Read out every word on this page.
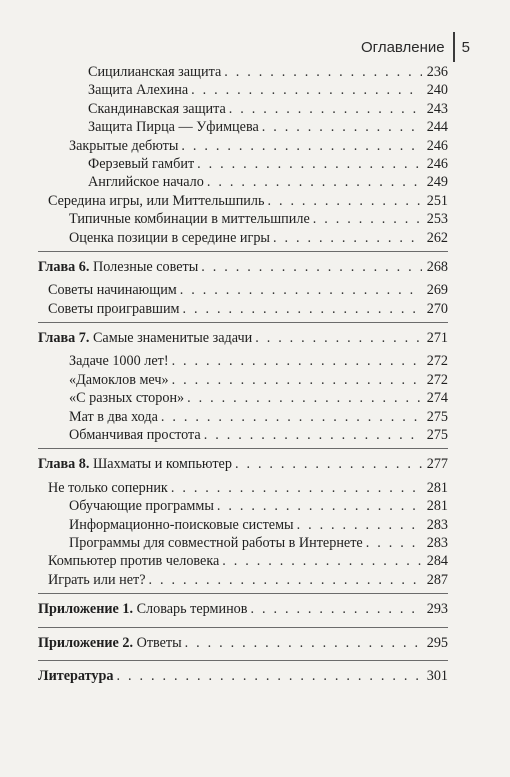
Оглавление 5
Сицилианская защита . . .	236
Защита Алехина . . .	240
Скандинавская защита . . .	243
Защита Пирца — Уфимцева . . .	244
Закрытые дебюты . . .	246
Ферзевый гамбит . . .	246
Английское начало . . .	249
Середина игры, или Миттельшпиль . . .	251
Типичные комбинации в миттельшпиле . . .	253
Оценка позиции в середине игры . . .	262
Глава 6. Полезные советы . . .	268
Советы начинающим . . .	269
Советы проигравшим . . .	270
Глава 7. Самые знаменитые задачи . . .	271
Задаче 1000 лет! . . .	272
«Дамоклов меч» . . .	272
«С разных сторон» . . .	274
Мат в два хода . . .	275
Обманчивая простота . . .	275
Глава 8. Шахматы и компьютер . . .	277
Не только соперник . . .	281
Обучающие программы . . .	281
Информационно-поисковые системы . . .	283
Программы для совместной работы в Интернете . . .	283
Компьютер против человека . . .	284
Играть или нет? . . .	287
Приложение 1. Словарь терминов . . .	293
Приложение 2. Ответы . . .	295
Литература . . .	301
